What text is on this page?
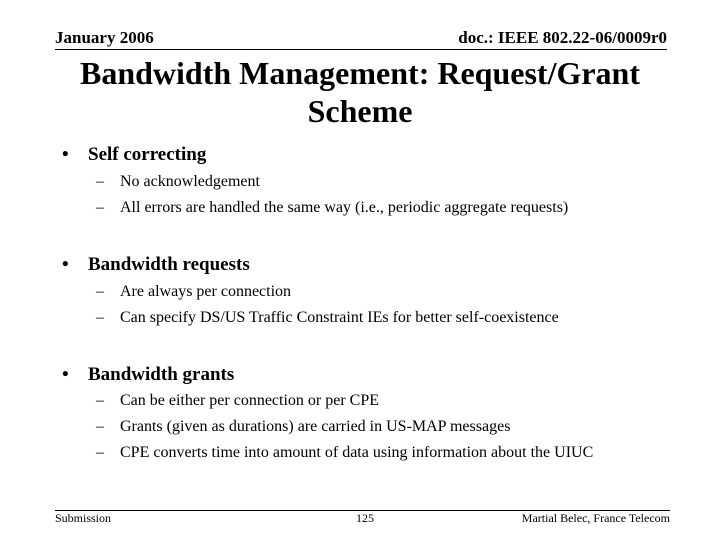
January 2006	doc.: IEEE 802.22-06/0009r0
Bandwidth Management: Request/Grant
Scheme
• Self correcting
– No acknowledgement
– All errors are handled the same way (i.e., periodic aggregate requests)
• Bandwidth requests
– Are always per connection
– Can specify DS/US Traffic Constraint IEs for better self-coexistence
• Bandwidth grants
– Can be either per connection or per CPE
– Grants (given as durations) are carried in US-MAP messages
– CPE converts time into amount of data using information about the UIUC
Submission	125	Martial Belec, France Telecom
